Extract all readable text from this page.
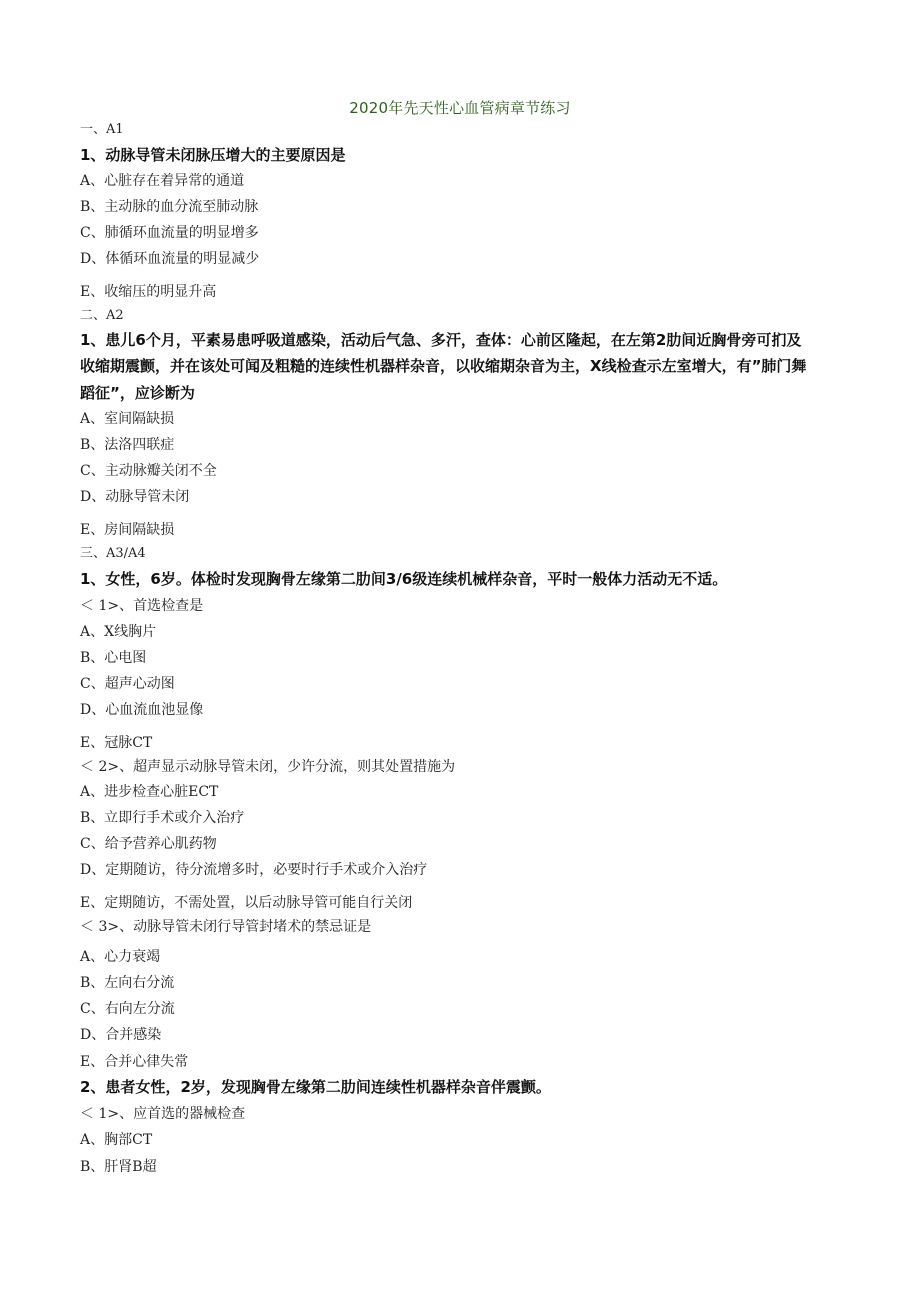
2020年先天性心血管病章节练习
一、A1
1、动脉导管未闭脉压增大的主要原因是
A、心脏存在着异常的通道
B、主动脉的血分流至肺动脉
C、肺循环血流量的明显增多
D、体循环血流量的明显减少
E、收缩压的明显升高
二、A2
1、患儿6个月，平素易患呼吸道感染，活动后气急、多汗，查体：心前区隆起，在左第2肋间近胸骨旁可扪及
收缩期震颤，并在该处可闻及粗糙的连续性机器样杂音，以收缩期杂音为主，X线检查示左室增大，有”肺门舞
蹈征”，应诊断为
A、室间隔缺损
B、法洛四联症
C、主动脉瓣关闭不全
D、动脉导管未闭
E、房间隔缺损
三、A3/A4
1、女性，6岁。体检时发现胸骨左缘第二肋间3/6级连续机械样杂音，平时一般体力活动无不适。
＜ 1>、首选检查是
A、X线胸片
B、心电图
C、超声心动图
D、心血流血池显像
E、冠脉CT
＜ 2>、超声显示动脉导管未闭，少许分流，则其处置措施为
A、进步检查心脏ECT
B、立即行手术或介入治疗
C、给予营养心肌药物
D、定期随访，待分流增多时，必要时行手术或介入治疗
E、定期随访，不需处置，以后动脉导管可能自行关闭
＜ 3>、动脉导管未闭行导管封堵术的禁忌证是
A、心力衰竭
B、左向右分流
C、右向左分流
D、合并感染
E、合并心律失常
2、患者女性，2岁，发现胸骨左缘第二肋间连续性机器样杂音伴震颤。
＜ 1>、应首选的器械检查
A、胸部CT
B、肝肾B超
